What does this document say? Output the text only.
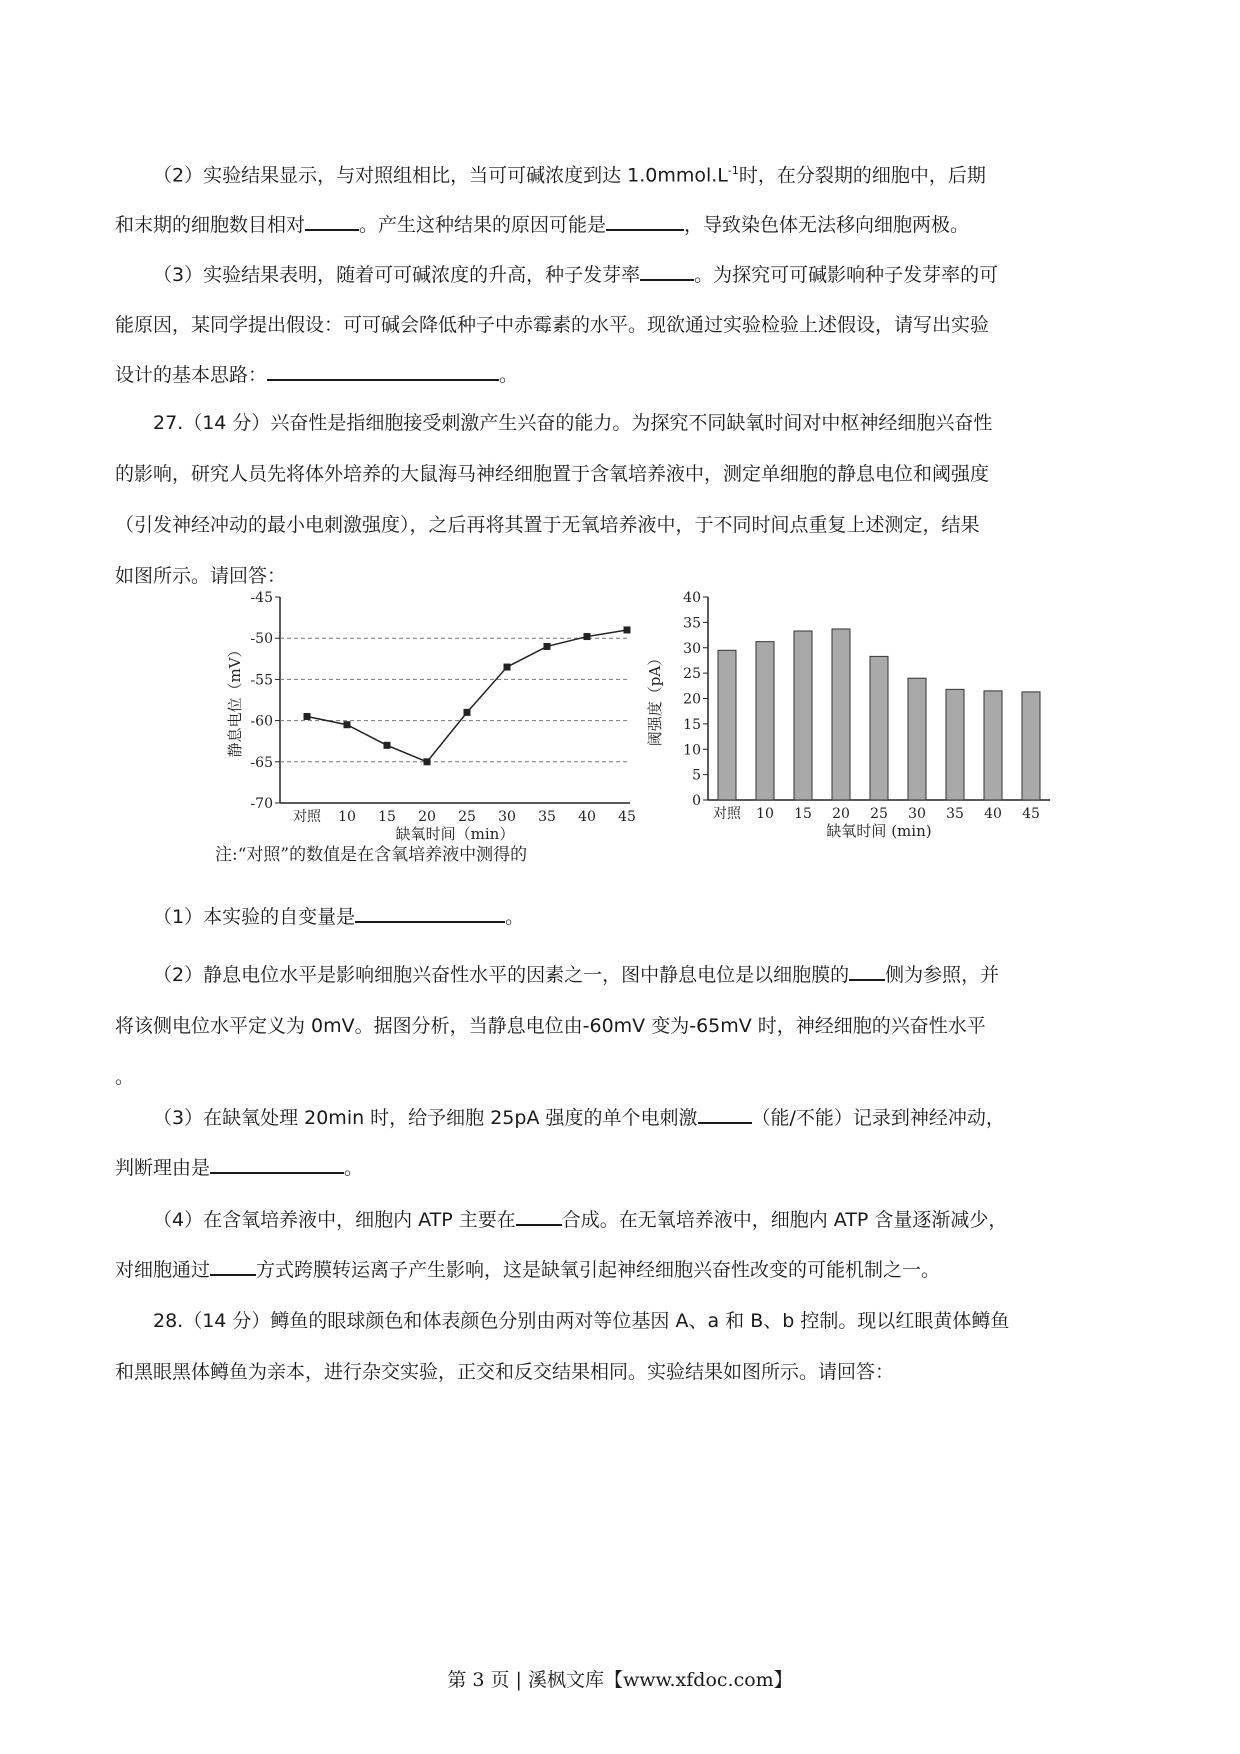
（2）实验结果显示，与对照组相比，当可可碱浓度到达 $1.0mmol.L^{-1}$时，在分裂期的细胞中，后期
和末期的细胞数目相对	。产生这种结果的原因可能是	，导致染色体无法移向细胞两极。
（3）实验结果表明，随着可可碱浓度的升高，种子发芽率	。为探究可可碱影响种子发芽率的可
能原因，某同学提出假设：可可碱会降低种子中赤霉素的水平。现欲通过实验检验上述假设，请写出实验
设计的基本思路：	。
27.（14 分）兴奋性是指细胞接受刺激产生兴奋的能力。为探究不同缺氧时间对中枢神经细胞兴奋性
的影响，研究人员先将体外培养的大鼠海马神经细胞置于含氧培养液中，测定单细胞的静息电位和阈强度
（引发神经冲动的最小电刺激强度），之后再将其置于无氧培养液中，于不同时间点重复上述测定，结果
如图所示。请回答：
-45
-50
-55
-60
-65
-70
对照 10 15 20 25 30 35 40 45
缺氧时间（min）
静息电位（mV）
0
5
10
15
20
25
30
35
40
对照 10 15 20 25 30 35 40 45
缺氧时间 (min)
阈强度（pA）
注:“对照”的数值是在含氧培养液中测得的
（1）本实验的自变量是	。
（2）静息电位水平是影响细胞兴奋性水平的因素之一，图中静息电位是以细胞膜的 侧为参照，并
将该侧电位水平定义为 0mV。据图分析，当静息电位由-60mV 变为-65mV 时，神经细胞的兴奋性水平
。
（3）在缺氧处理 20min 时，给予细胞 25pA 强度的单个电刺激	（能/不能）记录到神经冲动，
判断理由是	。
（4）在含氧培养液中，细胞内 ATP 主要在 合成。在无氧培养液中，细胞内 ATP 含量逐渐减少，
对细胞通过 方式跨膜转运离子产生影响，这是缺氧引起神经细胞兴奋性改变的可能机制之一。
28.（14 分）鳟鱼的眼球颜色和体表颜色分别由两对等位基因 A、a 和 B、b 控制。现以红眼黄体鳟鱼
和黑眼黑体鳟鱼为亲本，进行杂交实验，正交和反交结果相同。实验结果如图所示。请回答：
第 3 页 | 溪枫文库【www.xfdoc.com】
